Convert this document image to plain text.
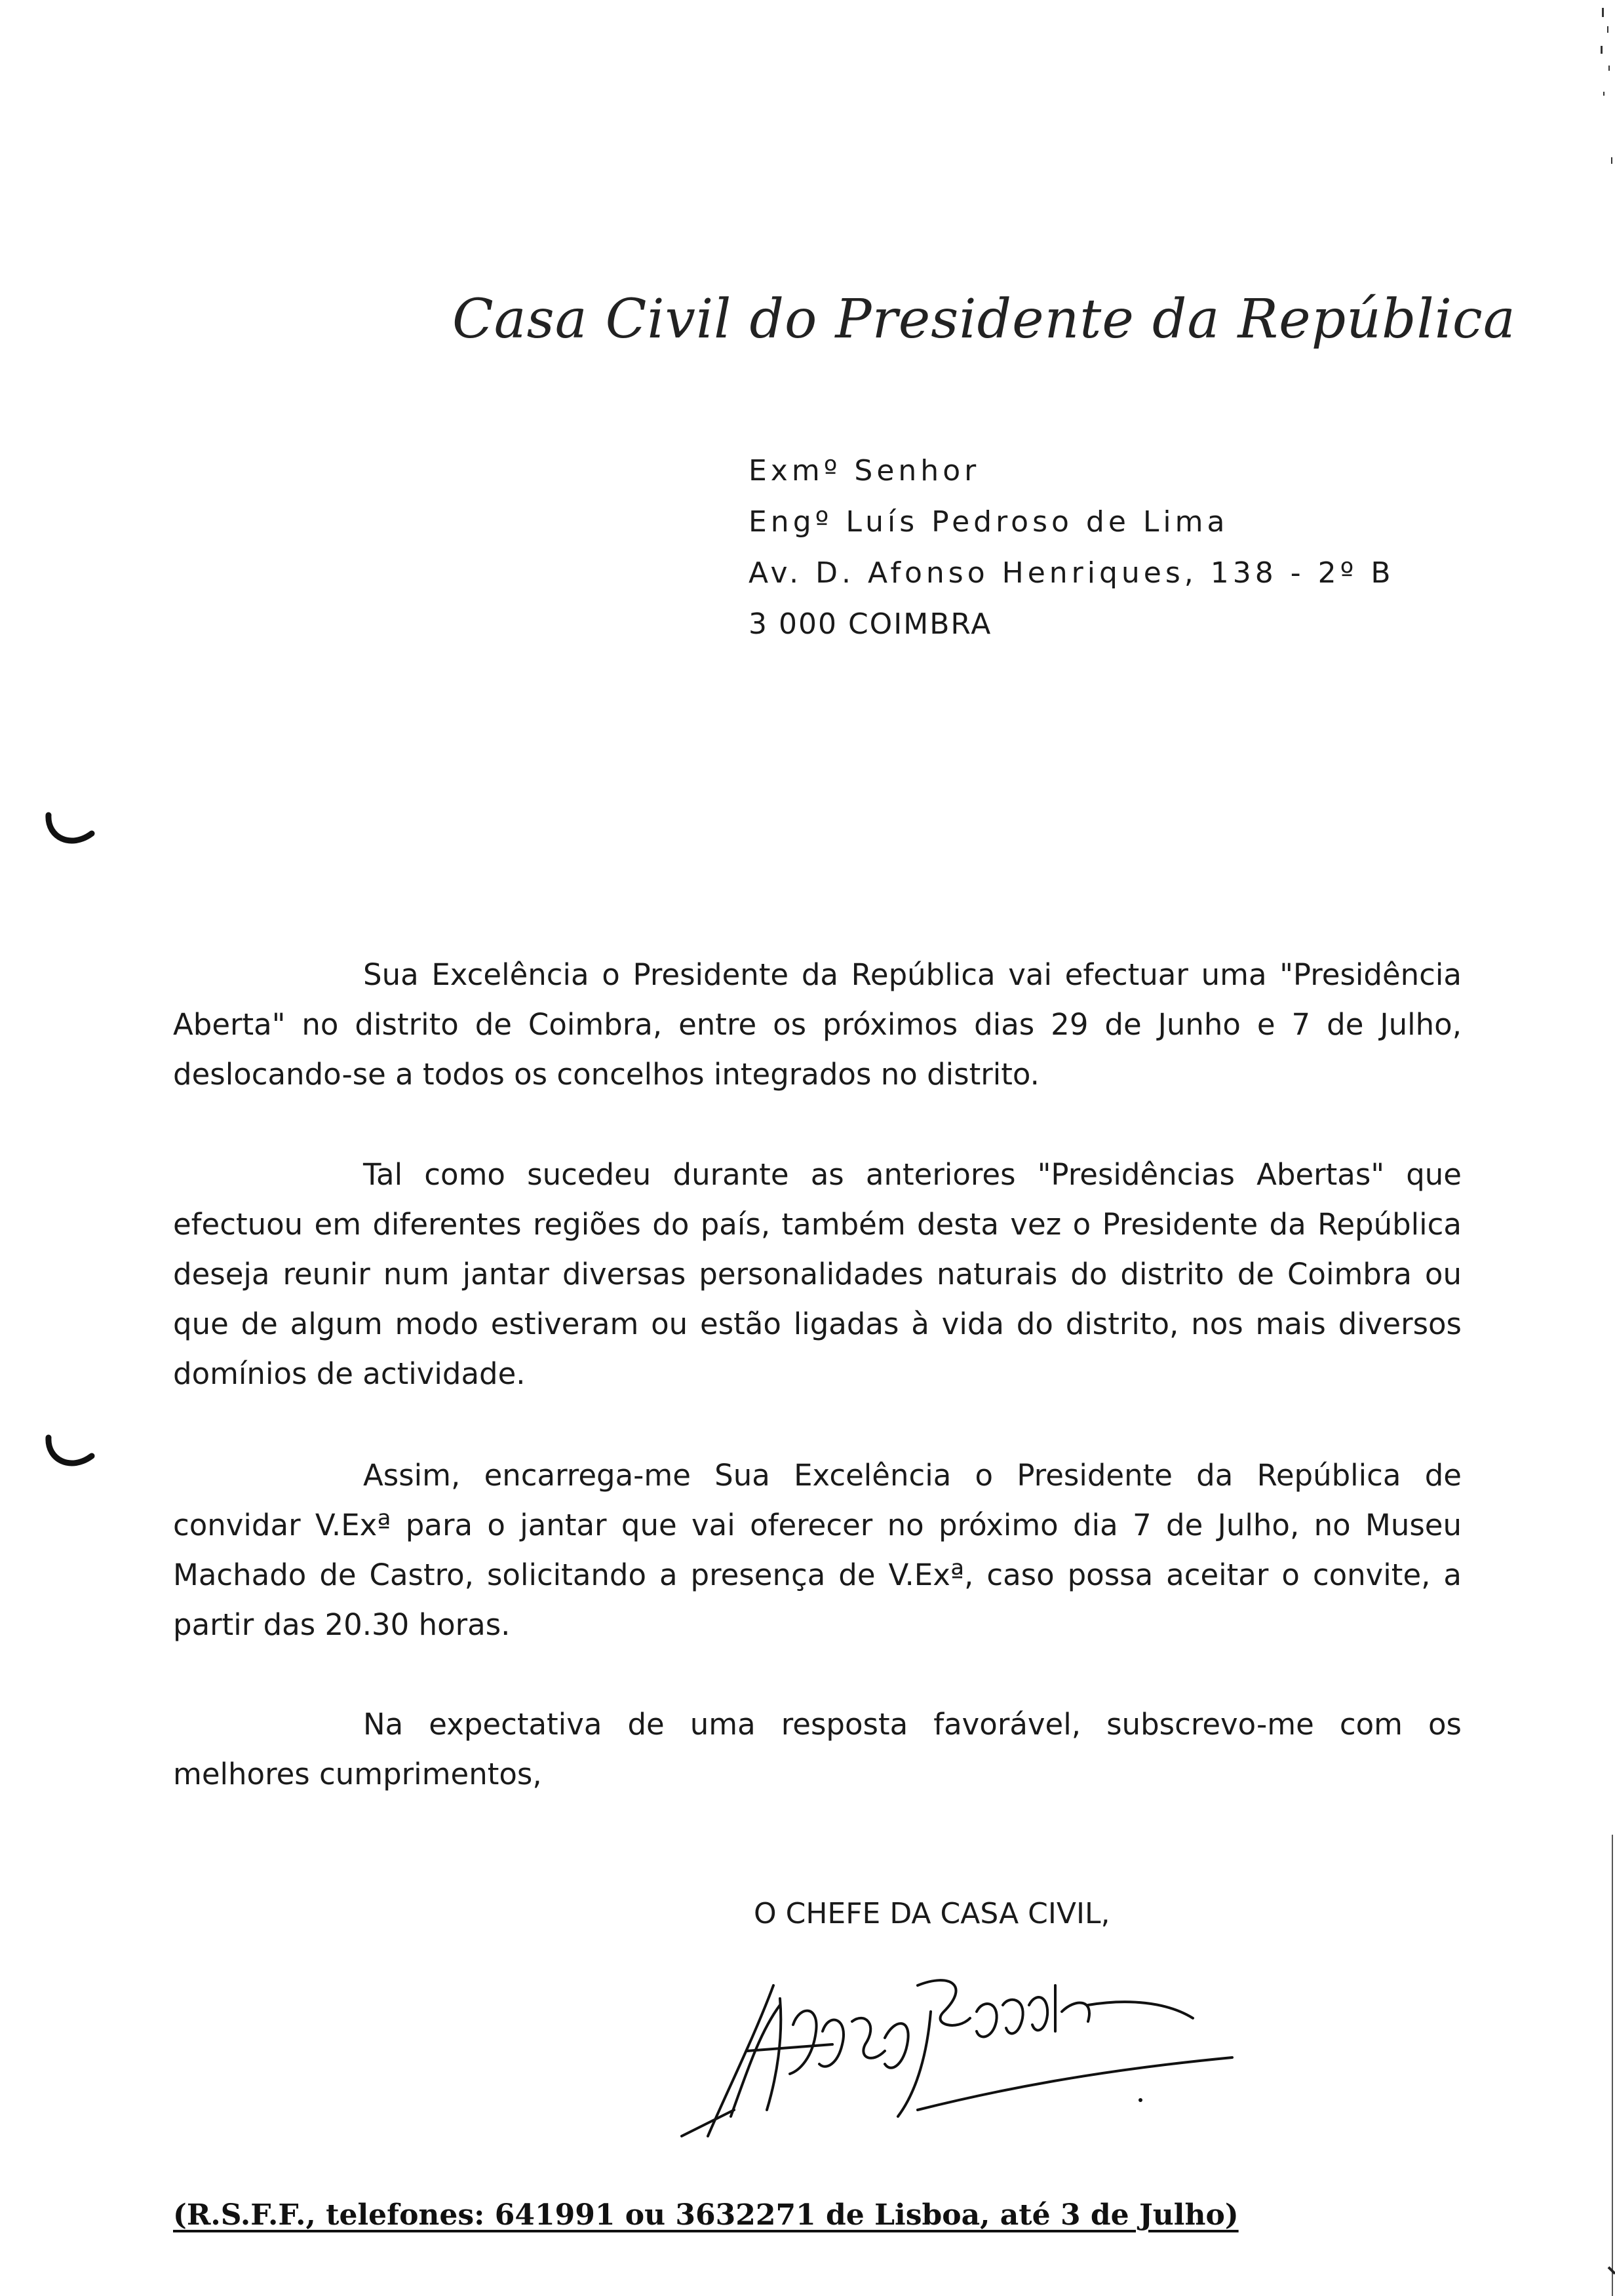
Casa Civil do Presidente da República
Exmº Senhor
Engº Luís Pedroso de Lima
Av. D. Afonso Henriques, 138 - 2º B
3 000 COIMBRA

Sua Excelência o Presidente da República vai efectuar uma "Presidência Aberta" no distrito de Coimbra, entre os próximos dias 29 de Junho e 7 de Julho, deslocando-se a todos os concelhos integrados no distrito.

Tal como sucedeu durante as anteriores "Presidências Abertas" que efectuou em diferentes regiões do país, também desta vez o Presidente da República deseja reunir num jantar diversas personalidades naturais do distrito de Coimbra ou que de algum modo estiveram ou estão ligadas à vida do distrito, nos mais diversos domínios de actividade.

Assim, encarrega-me Sua Excelência o Presidente da República de convidar V.Exª para o jantar que vai oferecer no próximo dia 7 de Julho, no Museu Machado de Castro, solicitando a presença de V.Exª, caso possa aceitar o convite, a partir das 20.30 horas.

Na expectativa de uma resposta favorável, subscrevo-me com os melhores cumprimentos,

O CHEFE DA CASA CIVIL,
(R.S.F.F., telefones: 641991 ou 3632271 de Lisboa, até 3 de Julho)
